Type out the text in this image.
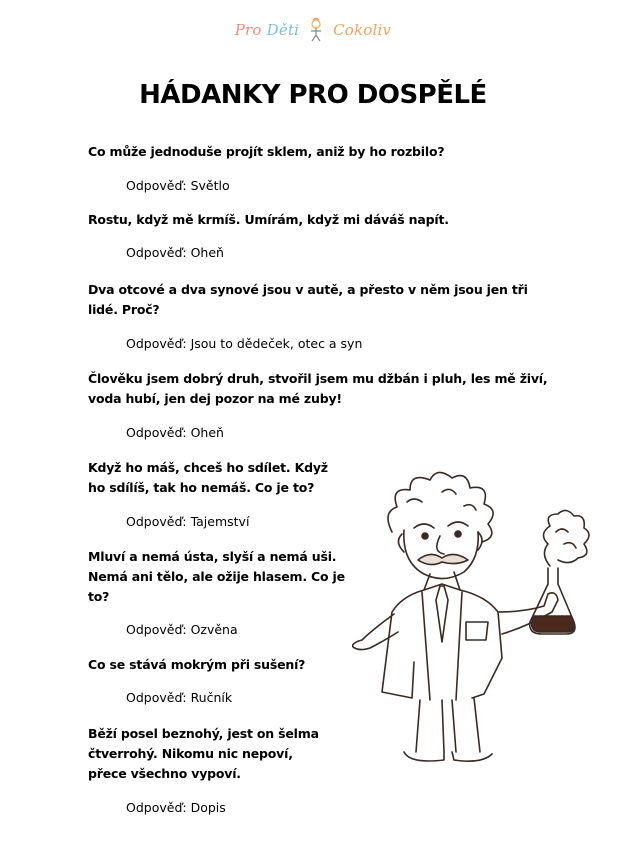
Pro Děti Cokoliv
HÁDANKY PRO DOSPĚLÉ

Co může jednoduše projít sklem, aniž by ho rozbilo?

Odpověď: Světlo

Rostu, když mě krmíš. Umírám, když mi dáváš napít.

Odpověď: Oheň

Dva otcové a dva synové jsou v autě, a přesto v něm jsou jen tři lidé. Proč?

Odpověď: Jsou to dědeček, otec a syn

Člověku jsem dobrý druh, stvořil jsem mu džbán i pluh, les mě živí, voda hubí, jen dej pozor na mé zuby!

Odpověď: Oheň

Když ho máš, chceš ho sdílet. Když ho sdílíš, tak ho nemáš. Co je to?

Odpověď: Tajemství

Mluví a nemá ústa, slyší a nemá uši. Nemá ani tělo, ale ožije hlasem. Co je to?

Odpověď: Ozvěna

Co se stává mokrým při sušení?

Odpověď: Ručník

Běží posel beznohý, jest on šelma čtverrohý. Nikomu nic nepoví, přece všechno vypoví.

Odpověď: Dopis
